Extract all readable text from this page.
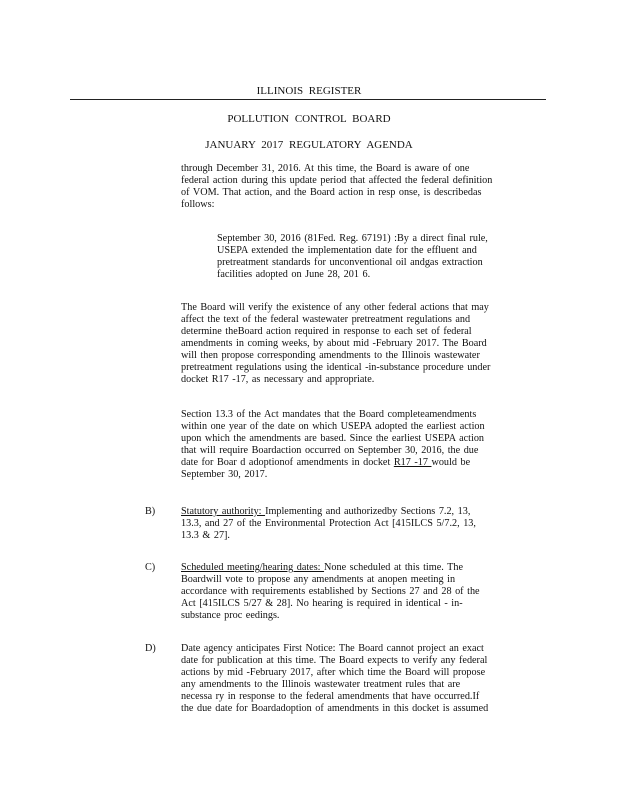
ILLINOIS REGISTER
POLLUTION CONTROL BOARD
JANUARY 2017 REGULATORY AGENDA
through December 31, 2016. At this time, the Board is aware of one
federal action during this update period that affected the federal definition
of VOM. That action, and the Board action in resp onse, is describedas
follows:
September 30, 2016 (81Fed. Reg. 67191) :By a direct final rule,
USEPA extended the implementation date for the effluent and
pretreatment standards for unconventional oil andgas extraction
facilities adopted on June 28, 201 6.
The Board will verify the existence of any other federal actions that may
affect the text of the federal wastewater pretreatment regulations and
determine theBoard action required in response to each set of federal
amendments in coming weeks, by about mid -February 2017. The Board
will then propose corresponding amendments to the Illinois wastewater
pretreatment regulations using the identical -in-substance procedure under
docket R17 -17, as necessary and appropriate.
Section 13.3 of the Act mandates that the Board completeamendments
within one year of the date on which USEPA adopted the earliest action
upon which the amendments are based. Since the earliest USEPA action
that will require Boardaction occurred on September 30, 2016, the due
date for Boar d adoptionof amendments in docket R17 -17 would be
September 30, 2017.
B)	Statutory authority: Implementing and authorizedby Sections 7.2, 13,
13.3, and 27 of the Environmental Protection Act [415ILCS 5/7.2, 13,
13.3 & 27].
C)	Scheduled meeting/hearing dates: None scheduled at this time. The
Boardwill vote to propose any amendments at anopen meeting in
accordance with requirements established by Sections 27 and 28 of the
Act [415ILCS 5/27 & 28]. No hearing is required in identical - in-
substance proc eedings.
D) Date agency anticipates First Notice: The Board cannot project an exact
date for publication at this time. The Board expects to verify any federal
actions by mid -February 2017, after which time the Board will propose
any amendments to the Illinois wastewater treatment rules that are
necessa ry in response to the federal amendments that have occurred.If
the due date for Boardadoption of amendments in this docket is assumed
